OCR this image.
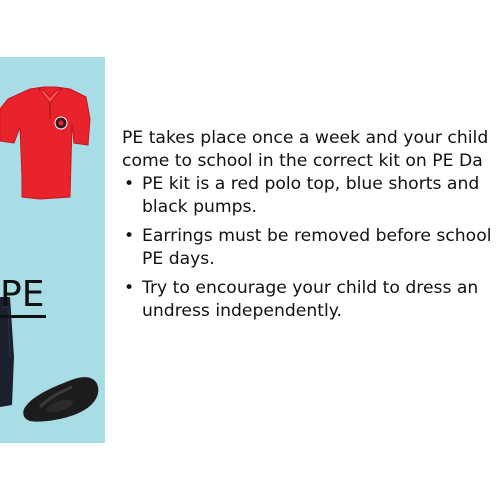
PE

PE takes place once a week and your child
come to school in the correct kit on PE Da

• PE kit is a red polo top, blue shorts and
black pumps.
• Earrings must be removed before school
PE days.
• Try to encourage your child to dress an
undress independently.
